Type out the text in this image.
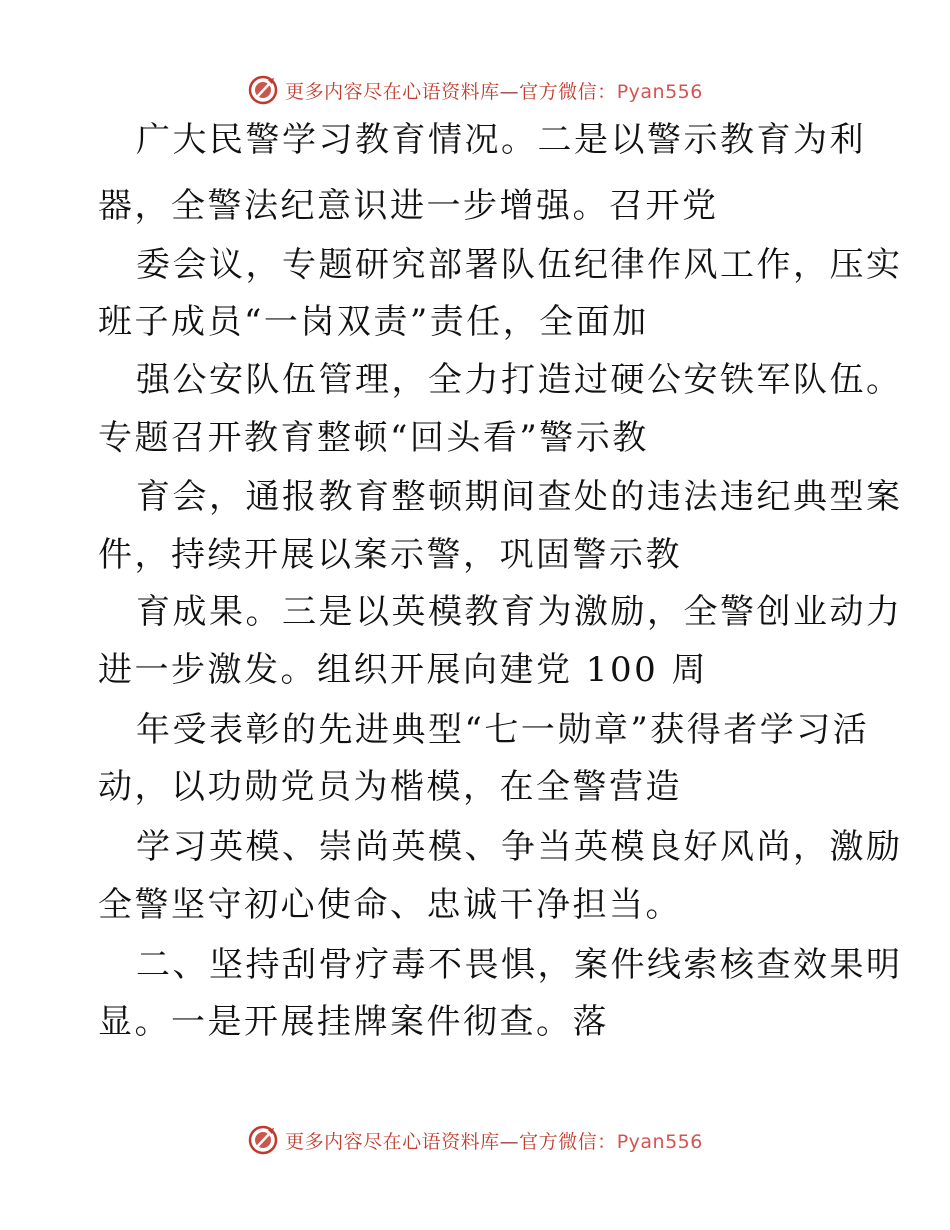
更多内容尽在心语资料库—官方微信：Pyan556
广大民警学习教育情况。二是以警示教育为利
器，全警法纪意识进一步增强。召开党
委会议，专题研究部署队伍纪律作风工作，压实
班子成员“一岗双责”责任，全面加
强公安队伍管理，全力打造过硬公安铁军队伍。
专题召开教育整顿“回头看”警示教
育会，通报教育整顿期间查处的违法违纪典型案
件，持续开展以案示警，巩固警示教
育成果。三是以英模教育为激励，全警创业动力
进一步激发。组织开展向建党 100 周
年受表彰的先进典型“七一勋章”获得者学习活
动，以功勋党员为楷模，在全警营造
学习英模、崇尚英模、争当英模良好风尚，激励
全警坚守初心使命、忠诚干净担当。
二、坚持刮骨疗毒不畏惧，案件线索核查效果明
显。一是开展挂牌案件彻查。落
更多内容尽在心语资料库—官方微信：Pyan556
